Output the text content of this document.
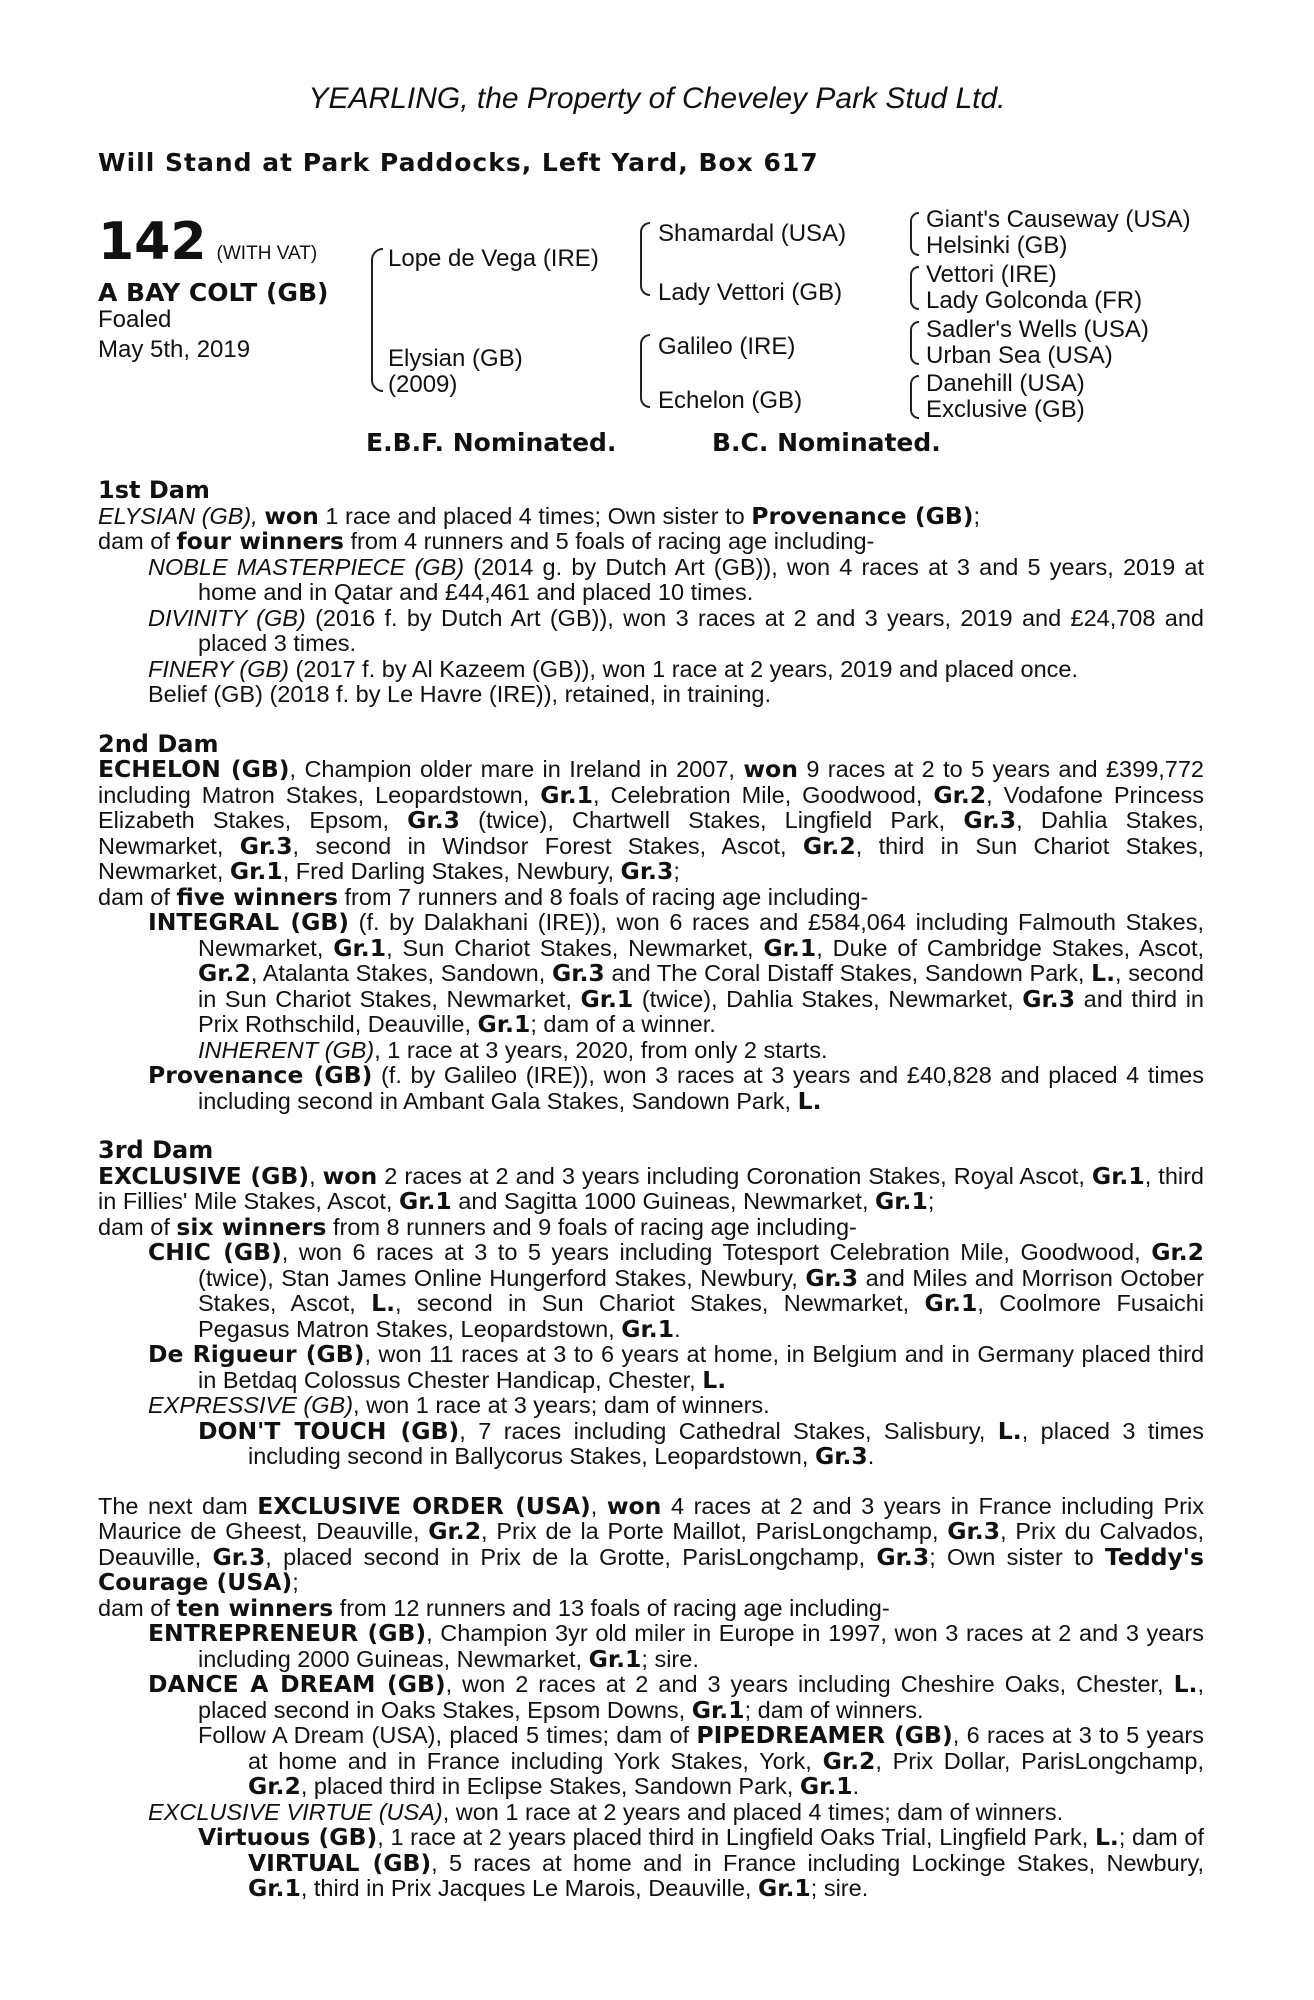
YEARLING, the Property of Cheveley Park Stud Ltd.
Will Stand at Park Paddocks, Left Yard, Box 617
142 (WITH VAT)
A BAY COLT (GB)
Foaled
May 5th, 2019
Lope de Vega (IRE)
Elysian (GB)
(2009)
Shamardal (USA)
Lady Vettori (GB)
Galileo (IRE)
Echelon (GB)
Giant's Causeway (USA)
Helsinki (GB)
Vettori (IRE)
Lady Golconda (FR)
Sadler's Wells (USA)
Urban Sea (USA)
Danehill (USA)
Exclusive (GB)
E.B.F. Nominated.	B.C. Nominated.
1st Dam

ELYSIAN (GB), won 1 race and placed 4 times; Own sister to Provenance (GB);

dam of four winners from 4 runners and 5 foals of racing age including-

NOBLE MASTERPIECE (GB) (2014 g. by Dutch Art (GB)), won 4 races at 3 and 5 years, 2019 at home and in Qatar and £44,461 and placed 10 times.

DIVINITY (GB) (2016 f. by Dutch Art (GB)), won 3 races at 2 and 3 years, 2019 and £24,708 and placed 3 times.

FINERY (GB) (2017 f. by Al Kazeem (GB)), won 1 race at 2 years, 2019 and placed once.

Belief (GB) (2018 f. by Le Havre (IRE)), retained, in training.

2nd Dam

ECHELON (GB), Champion older mare in Ireland in 2007, won 9 races at 2 to 5 years and £399,772 including Matron Stakes, Leopardstown, Gr.1, Celebration Mile, Goodwood, Gr.2, Vodafone Princess Elizabeth Stakes, Epsom, Gr.3 (twice), Chartwell Stakes, Lingfield Park, Gr.3, Dahlia Stakes, Newmarket, Gr.3, second in Windsor Forest Stakes, Ascot, Gr.2, third in Sun Chariot Stakes, Newmarket, Gr.1, Fred Darling Stakes, Newbury, Gr.3;

dam of five winners from 7 runners and 8 foals of racing age including-

INTEGRAL (GB) (f. by Dalakhani (IRE)), won 6 races and £584,064 including Falmouth Stakes, Newmarket, Gr.1, Sun Chariot Stakes, Newmarket, Gr.1, Duke of Cambridge Stakes, Ascot, Gr.2, Atalanta Stakes, Sandown, Gr.3 and The Coral Distaff Stakes, Sandown Park, L., second in Sun Chariot Stakes, Newmarket, Gr.1 (twice), Dahlia Stakes, Newmarket, Gr.3 and third in Prix Rothschild, Deauville, Gr.1; dam of a winner.

INHERENT (GB), 1 race at 3 years, 2020, from only 2 starts.

Provenance (GB) (f. by Galileo (IRE)), won 3 races at 3 years and £40,828 and placed 4 times including second in Ambant Gala Stakes, Sandown Park, L.

3rd Dam

EXCLUSIVE (GB), won 2 races at 2 and 3 years including Coronation Stakes, Royal Ascot, Gr.1, third in Fillies' Mile Stakes, Ascot, Gr.1 and Sagitta 1000 Guineas, Newmarket, Gr.1;

dam of six winners from 8 runners and 9 foals of racing age including-

CHIC (GB), won 6 races at 3 to 5 years including Totesport Celebration Mile, Goodwood, Gr.2 (twice), Stan James Online Hungerford Stakes, Newbury, Gr.3 and Miles and Morrison October Stakes, Ascot, L., second in Sun Chariot Stakes, Newmarket, Gr.1, Coolmore Fusaichi Pegasus Matron Stakes, Leopardstown, Gr.1.

De Rigueur (GB), won 11 races at 3 to 6 years at home, in Belgium and in Germany placed third in Betdaq Colossus Chester Handicap, Chester, L.

EXPRESSIVE (GB), won 1 race at 3 years; dam of winners.

DON'T TOUCH (GB), 7 races including Cathedral Stakes, Salisbury, L., placed 3 times including second in Ballycorus Stakes, Leopardstown, Gr.3.

The next dam EXCLUSIVE ORDER (USA), won 4 races at 2 and 3 years in France including Prix Maurice de Gheest, Deauville, Gr.2, Prix de la Porte Maillot, ParisLongchamp, Gr.3, Prix du Calvados, Deauville, Gr.3, placed second in Prix de la Grotte, ParisLongchamp, Gr.3; Own sister to Teddy's Courage (USA);

dam of ten winners from 12 runners and 13 foals of racing age including-

ENTREPRENEUR (GB), Champion 3yr old miler in Europe in 1997, won 3 races at 2 and 3 years including 2000 Guineas, Newmarket, Gr.1; sire.

DANCE A DREAM (GB), won 2 races at 2 and 3 years including Cheshire Oaks, Chester, L., placed second in Oaks Stakes, Epsom Downs, Gr.1; dam of winners.

Follow A Dream (USA), placed 5 times; dam of PIPEDREAMER (GB), 6 races at 3 to 5 years at home and in France including York Stakes, York, Gr.2, Prix Dollar, ParisLongchamp, Gr.2, placed third in Eclipse Stakes, Sandown Park, Gr.1.

EXCLUSIVE VIRTUE (USA), won 1 race at 2 years and placed 4 times; dam of winners.

Virtuous (GB), 1 race at 2 years placed third in Lingfield Oaks Trial, Lingfield Park, L.; dam of VIRTUAL (GB), 5 races at home and in France including Lockinge Stakes, Newbury, Gr.1, third in Prix Jacques Le Marois, Deauville, Gr.1; sire.
